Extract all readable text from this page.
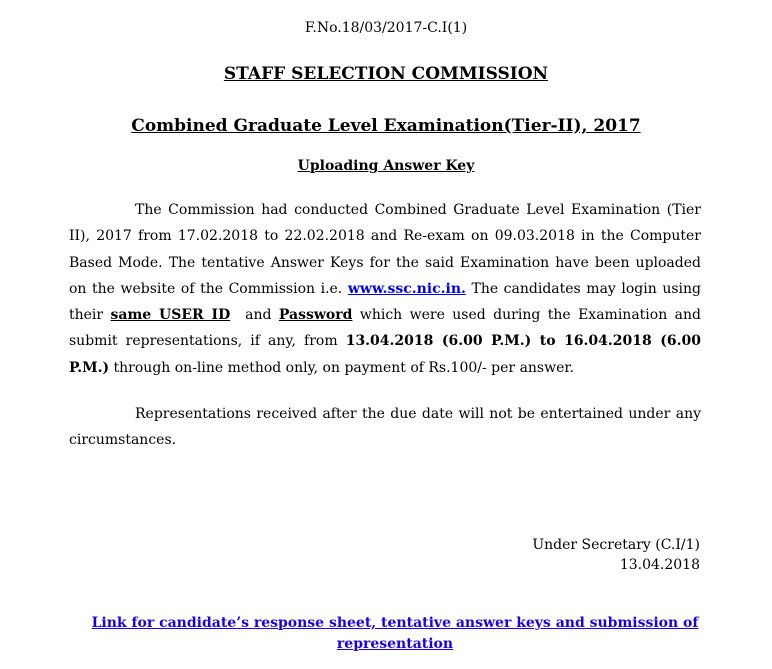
F.No.18/03/2017-C.I(1)
STAFF SELECTION COMMISSION
Combined Graduate Level Examination(Tier-II), 2017
Uploading Answer Key

The Commission had conducted Combined Graduate Level Examination (Tier II), 2017 from 17.02.2018 to 22.02.2018 and Re-exam on 09.03.2018 in the Computer Based Mode. The tentative Answer Keys for the said Examination have been uploaded on the website of the Commission i.e. www.ssc.nic.in. The candidates may login using their same USER ID  and Password which were used during the Examination and submit representations, if any, from 13.04.2018 (6.00 P.M.) to 16.04.2018 (6.00 P.M.) through on-line method only, on payment of Rs.100/- per answer.

Representations received after the due date will not be entertained under any circumstances.

Under Secretary (C.I/1)
13.04.2018
Link for candidate’s response sheet, tentative answer keys and submission of representation
